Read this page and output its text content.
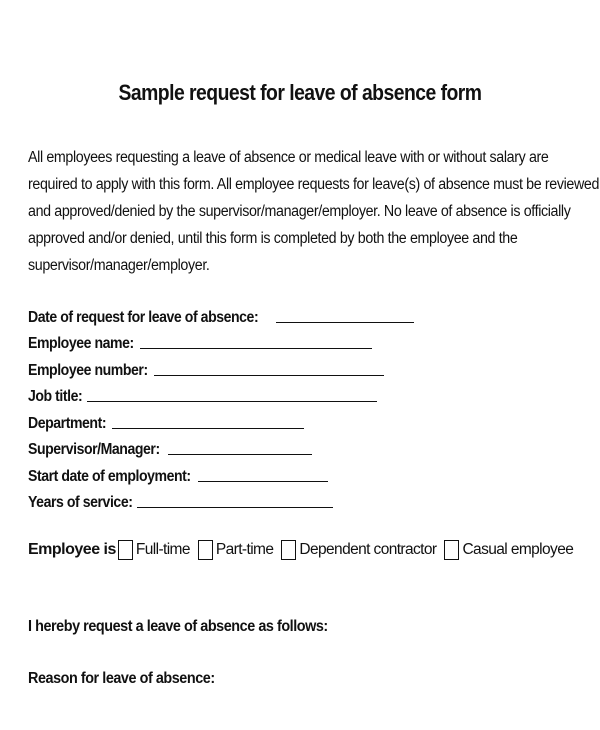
Sample request for leave of absence form
All employees requesting a leave of absence or medical leave with or without salary are
required to apply with this form. All employee requests for leave(s) of absence must be reviewed
and approved/denied by the supervisor/manager/employer. No leave of absence is officially
approved and/or denied, until this form is completed by both the employee and the
supervisor/manager/employer.
Date of request for leave of absence:
Employee name:
Employee number:
Job title:
Department:
Supervisor/Manager:
Start date of employment:
Years of service:
Employee is Full-time Part-time Dependent contractor Casual employee
I hereby request a leave of absence as follows:
Reason for leave of absence:
